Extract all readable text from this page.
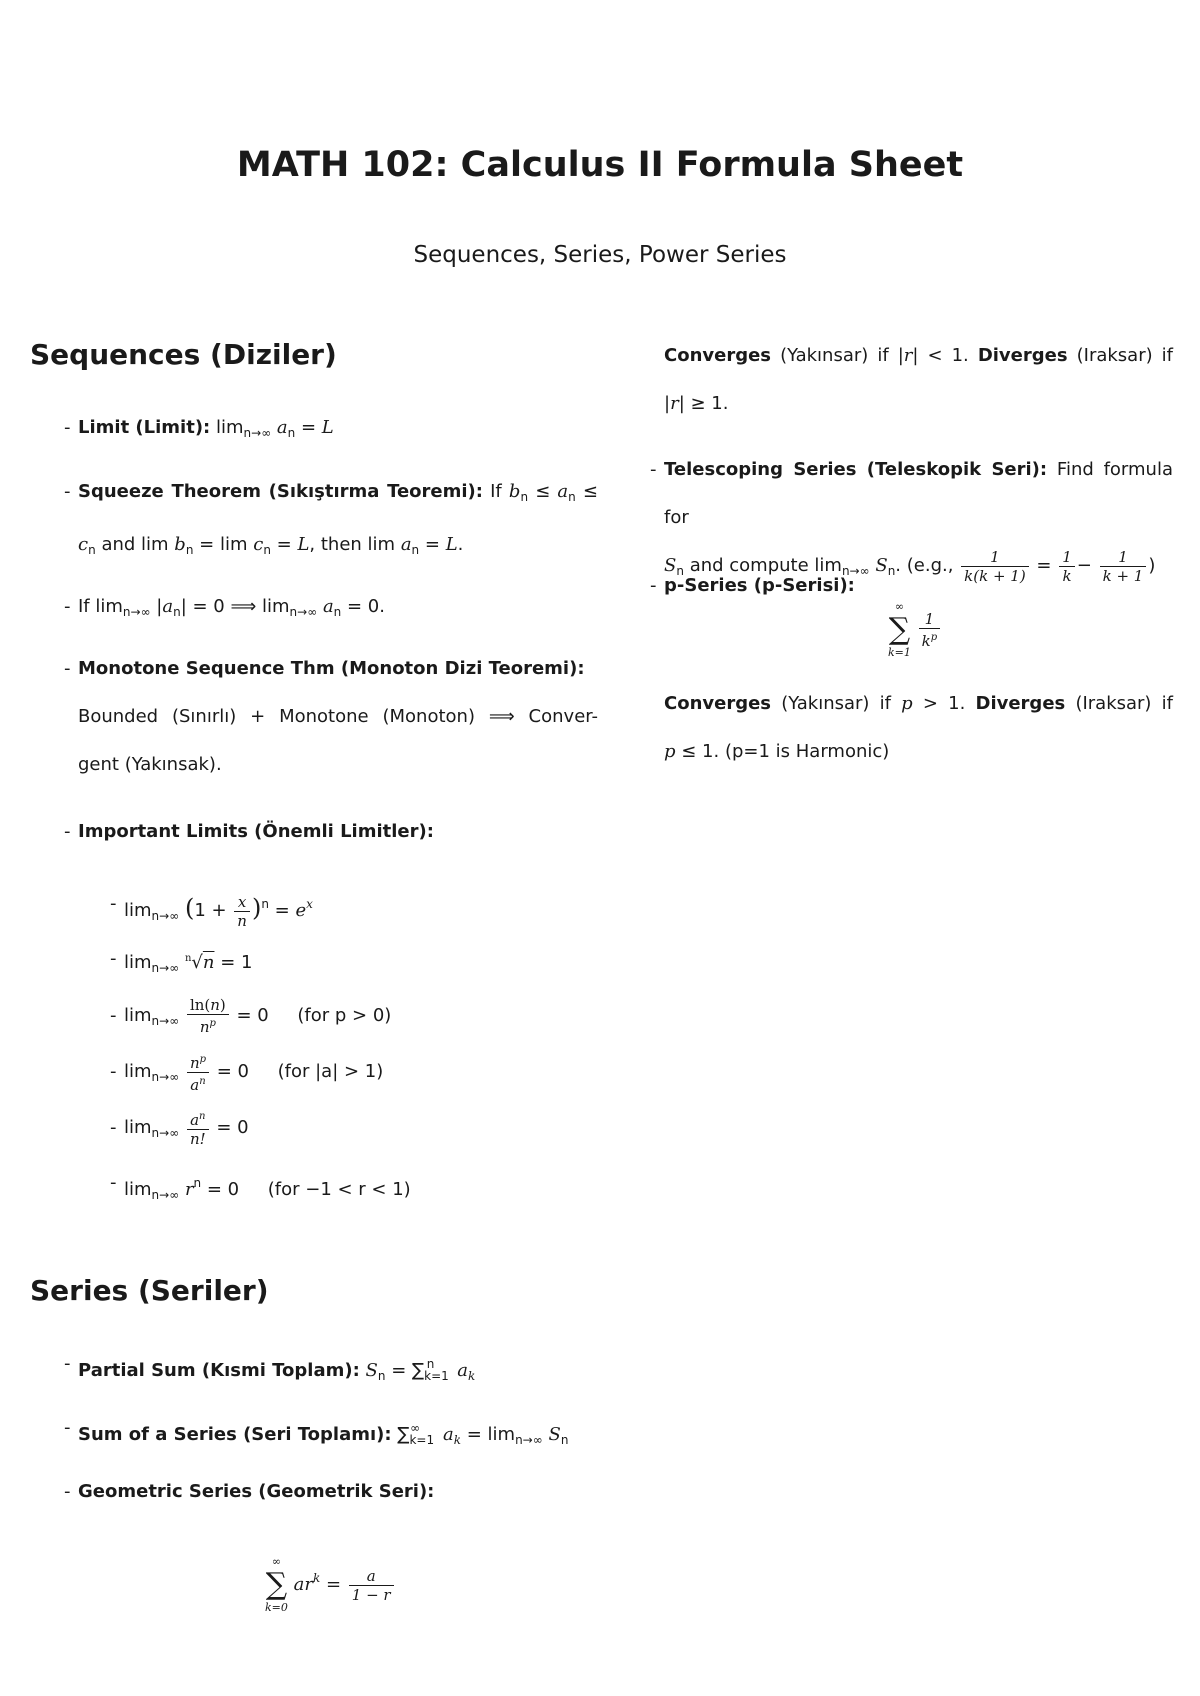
MATH 102: Calculus II Formula Sheet
Sequences, Series, Power Series
Sequences (Diziler)
- Limit (Limit): $\lim_{n\to\infty} a_n = L$
- Squeeze Theorem (Sıkıştırma Teoremi): If $b_n \le a_n$ ≤
$c_n$ and $\lim b_n = \lim c_n = L$, then $\lim a_n = L$.
- If $\lim_{n\to\infty} |a_n| = 0$ ⟹ $\lim_{n\to\infty} a_n = 0$.
- Monotone Sequence Thm (Monoton Dizi Teoremi):
Bounded (Sınırlı) + Monotone (Monoton) ⟹ Conver-
gent (Yakınsak).
- Important Limits (Önemli Limitler):
- $\lim_{n\to\infty} (1 + \frac{x}{n} )^n = e^x$
- $\lim_{n\to\infty} ^n√n = 1$
- $\lim_{n\to\infty} \frac{\ln(n)}{n^p} = 0$     (for p > 0)
- $\lim_{n\to\infty} \frac{n^p}{a^n} = 0$     (for |a| > 1)
- $\lim_{n\to\infty} \frac{a^n}{n!} = 0$
- $\lim_{n\to\infty} r^n = 0$     (for −1 < r < 1)
Series (Seriler)
- Partial Sum (Kısmi Toplam): $S_n = \sum_{k=1}^n$ $a_k$
- Sum of a Series (Seri Toplamı): $\sum_{k=1}^\infty$ $a_k = \lim_{n\to\infty} S_n$
- Geometric Series (Geometrik Seri):
∞
∑
k=0
$ar^k = \frac{a}{1 - r}$
Converges (Yakınsar) if |r| < 1. Diverges (Iraksar) if
|r| ≥ 1.
- Telescoping Series (Teleskopik Seri): Find formula for
$S_n$ and compute $\lim_{n\to\infty} S_n$. (e.g., $\frac{1}{k(k + 1)} = \frac{1}{k} - \frac{1}{k + 1}$ )
- p-Series (p-Serisi):
∞
∑
k=1

$\frac{1}{k^p}$
Converges (Yakınsar) if p > 1. Diverges (Iraksar) if
p ≤ 1. (p=1 is Harmonic)
